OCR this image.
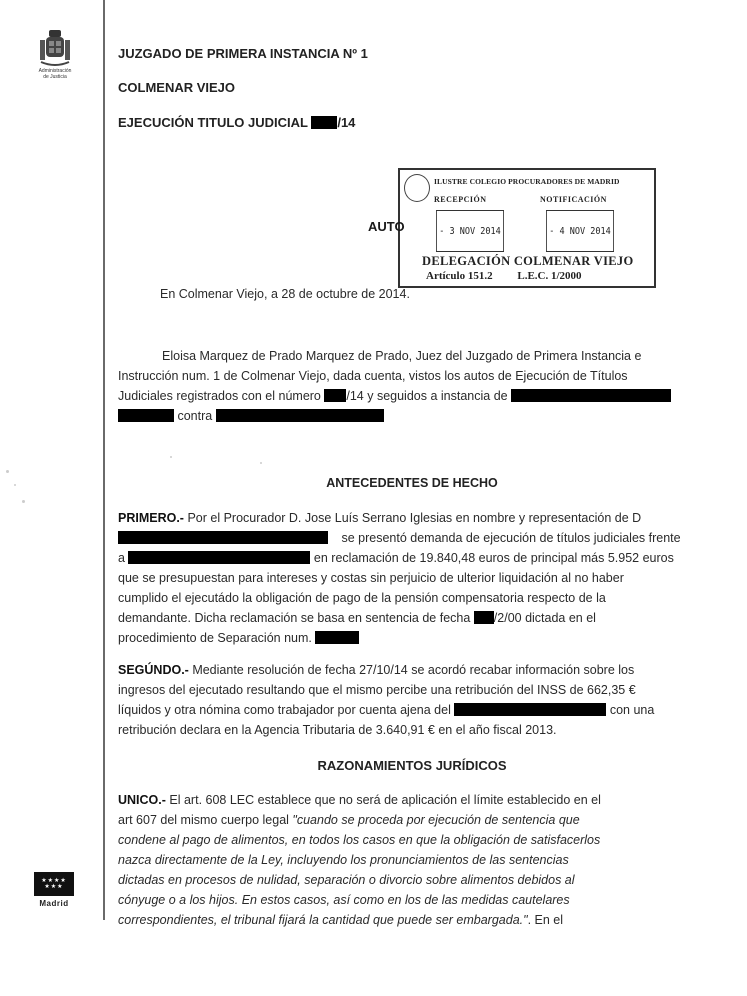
Administración
de Justicia
★★★★
★★★
Madrid
JUZGADO DE PRIMERA INSTANCIA Nº 1
COLMENAR VIEJO
EJECUCIÓN TITULO JUDICIAL /14
ILUSTRE COLEGIO PROCURADORES DE MADRID
RECEPCIÓN	NOTIFICACIÓN
- 3 NOV 2014	- 4 NOV 2014
DELEGACIÓN COLMENAR VIEJO
Artículo 151.2 L.E.C. 1/2000
AUTO
En Colmenar Viejo, a 28 de octubre de 2014.
Eloisa Marquez de Prado Marquez de Prado, Juez del Juzgado de Primera Instancia e
Instrucción num. 1 de Colmenar Viejo, dada cuenta, vistos los autos de Ejecución de Títulos
Judiciales registrados con el número /14 y seguidos a instancia de
contra
ANTECEDENTES DE HECHO
PRIMERO.- Por el Procurador D. Jose Luís Serrano Iglesias en nombre y representación de D
se presentó demanda de ejecución de títulos judiciales frente
a	en reclamación de 19.840,48 euros de principal más 5.952 euros
que se presupuestan para intereses y costas sin perjuicio de ulterior liquidación al no haber
cumplido el ejecutádo la obligación de pago de la pensión compensatoria respecto de la
demandante. Dicha reclamación se basa en sentencia de fecha /2/00 dictada en el
procedimiento de Separación num.
SEGÚNDO.- Mediante resolución de fecha 27/10/14 se acordó recabar información sobre los
ingresos del ejecutado resultando que el mismo percibe una retribución del INSS de 662,35 €
líquidos y otra nómina como trabajador por cuenta ajena del	con una
retribución declara en la Agencia Tributaria de 3.640,91 € en el año fiscal 2013.
RAZONAMIENTOS JURÍDICOS
UNICO.- El art. 608 LEC establece que no será de aplicación el límite establecido en el
art 607 del mismo cuerpo legal "cuando se proceda por ejecución de sentencia que
condene al pago de alimentos, en todos los casos en que la obligación de satisfacerlos
nazca directamente de la Ley, incluyendo los pronunciamientos de las sentencias
dictadas en procesos de nulidad, separación o divorcio sobre alimentos debidos al
cónyuge o a los hijos. En estos casos, así como en los de las medidas cautelares
correspondientes, el tribunal fijará la cantidad que puede ser embargada.". En el
